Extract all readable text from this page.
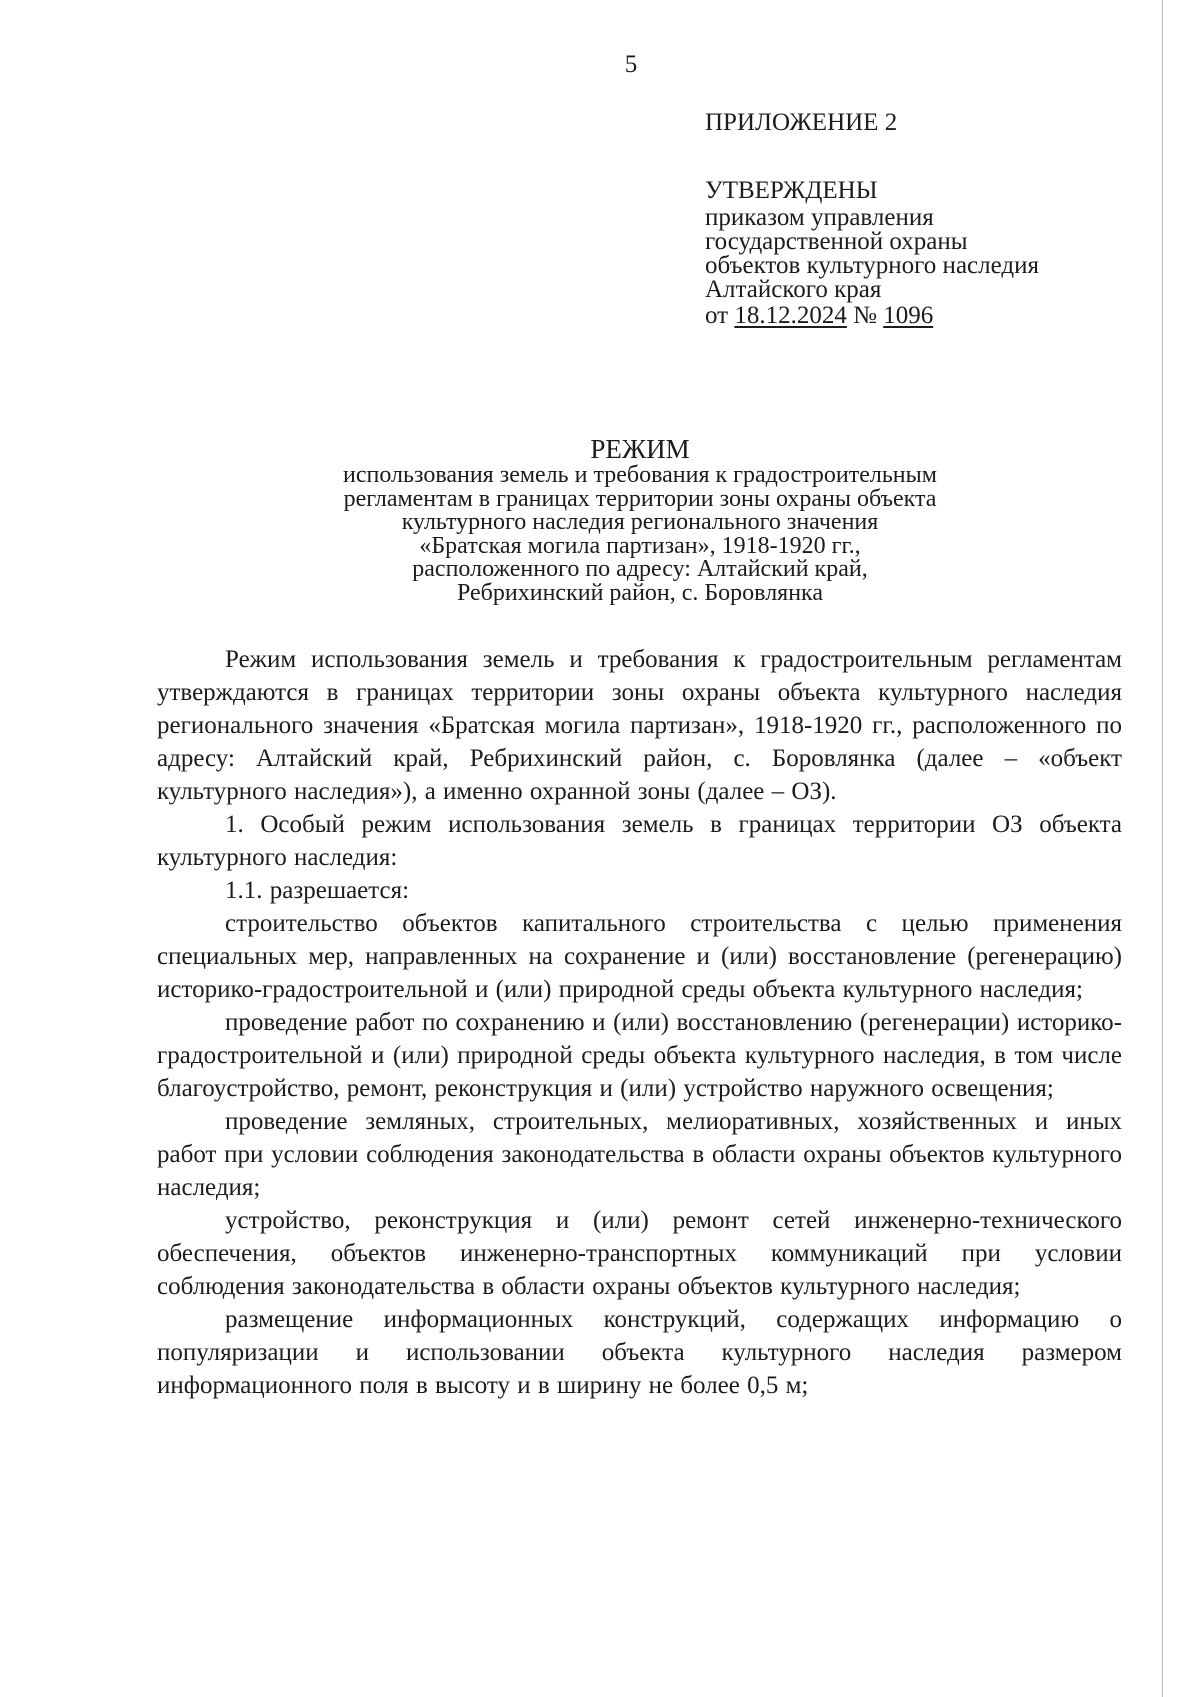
5
ПРИЛОЖЕНИЕ 2
УТВЕРЖДЕНЫ
приказом управления
государственной охраны
объектов культурного наследия
Алтайского края
от 18.12.2024 № 1096
РЕЖИМ
использования земель и требования к градостроительным
регламентам в границах территории зоны охраны объекта
культурного наследия регионального значения
«Братская могила партизан», 1918-1920 гг.,
расположенного по адресу: Алтайский край,
Ребрихинский район, с. Боровлянка

Режим использования земель и требования к градостроительным регламентам утверждаются в границах территории зоны охраны объекта культурного наследия регионального значения «Братская могила партизан», 1918-1920 гг., расположенного по адресу: Алтайский край, Ребрихинский район, с. Боровлянка (далее – «объект культурного наследия»), а именно охранной зоны (далее – ОЗ).

1. Особый режим использования земель в границах территории ОЗ объекта культурного наследия:

1.1. разрешается:

строительство объектов капитального строительства с целью применения специальных мер, направленных на сохранение и (или) восстановление (регенерацию) историко-градостроительной и (или) природной среды объекта культурного наследия;

проведение работ по сохранению и (или) восстановлению (регенерации) историко-градостроительной и (или) природной среды объекта культурного наследия, в том числе благоустройство, ремонт, реконструкция и (или) устройство наружного освещения;

проведение земляных, строительных, мелиоративных, хозяйственных и иных работ при условии соблюдения законодательства в области охраны объектов культурного наследия;

устройство, реконструкция и (или) ремонт сетей инженерно-технического обеспечения, объектов инженерно-транспортных коммуникаций при условии соблюдения законодательства в области охраны объектов культурного наследия;

размещение информационных конструкций, содержащих информацию о популяризации и использовании объекта культурного наследия размером информационного поля в высоту и в ширину не более 0,5 м;
